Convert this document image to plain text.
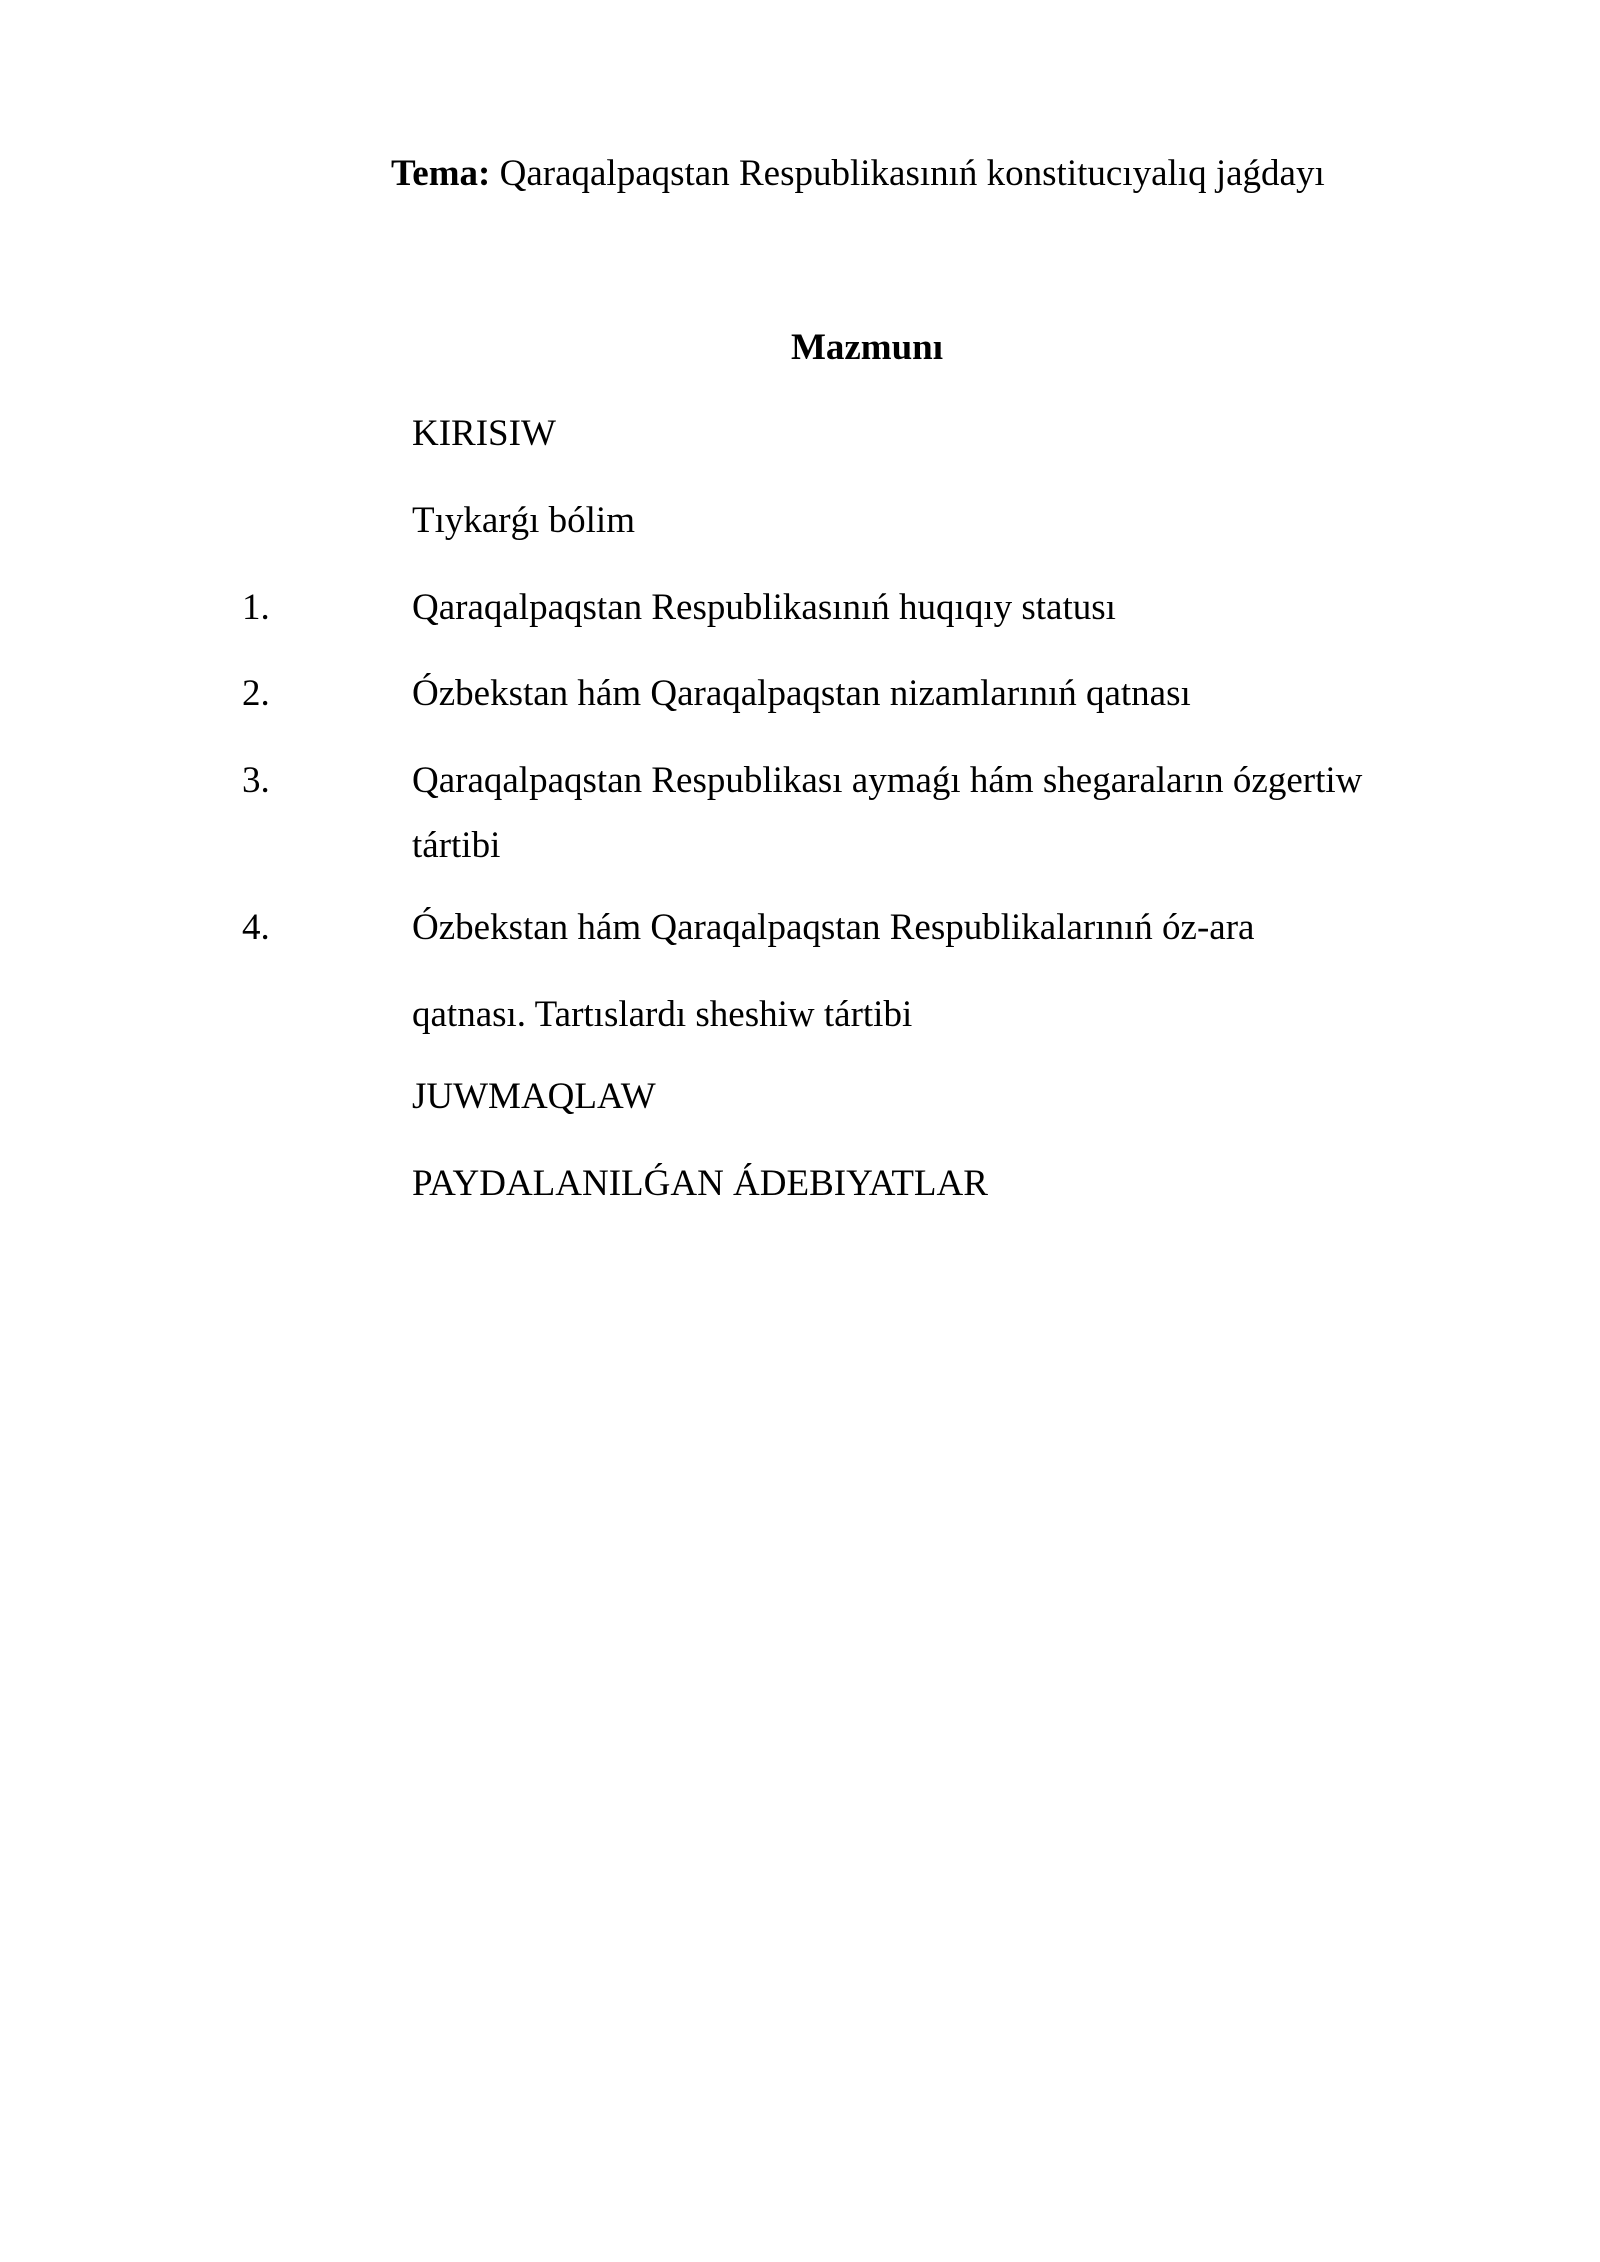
Tema: Qaraqalpaqstan Respublikasınıń konstitucıyalıq jaǵdayı
Mazmunı
KIRISIW
Tıykarǵı bólim
1.	Qaraqalpaqstan Respublikasınıń huqıqıy statusı
2.	Ózbekstan hám Qaraqalpaqstan nizamlarınıń qatnası
3.	Qaraqalpaqstan Respublikası aymaǵı hám shegaraların ózgertiw
tártibi
4.	Ózbekstan hám Qaraqalpaqstan Respublikalarınıń óz-ara
qatnası. Tartıslardı sheshiw tártibi
JUWMAQLAW
PAYDALANILǴAN ÁDEBIYATLAR
